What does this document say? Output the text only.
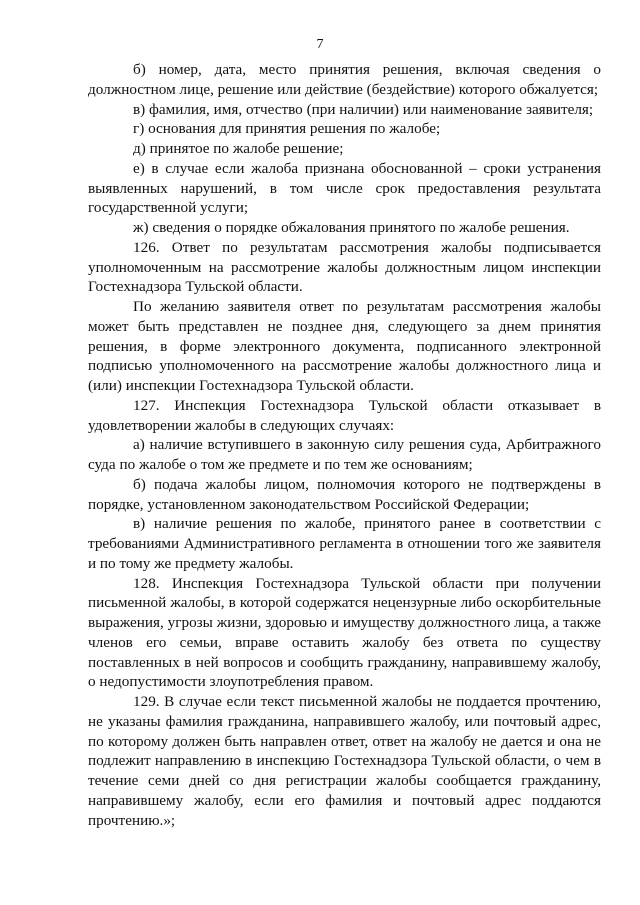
7

б) номер, дата, место принятия решения, включая сведения о должностном лице, решение или действие (бездействие) которого обжалуется;

в) фамилия, имя, отчество (при наличии) или наименование заявителя;

г) основания для принятия решения по жалобе;

д) принятое по жалобе решение;

е) в случае если жалоба признана обоснованной – сроки устранения выявленных нарушений, в том числе срок предоставления результата государственной услуги;

ж) сведения о порядке обжалования принятого по жалобе решения.

126. Ответ по результатам рассмотрения жалобы подписывается уполномоченным на рассмотрение жалобы должностным лицом инспекции Гостехнадзора Тульской области.

По желанию заявителя ответ по результатам рассмотрения жалобы может быть представлен не позднее дня, следующего за днем принятия решения, в форме электронного документа, подписанного электронной подписью уполномоченного на рассмотрение жалобы должностного лица и (или) инспекции Гостехнадзора Тульской области.

127. Инспекция Гостехнадзора Тульской области отказывает в удовлетворении жалобы в следующих случаях:

а) наличие вступившего в законную силу решения суда, Арбитражного суда по жалобе о том же предмете и по тем же основаниям;

б) подача жалобы лицом, полномочия которого не подтверждены в порядке, установленном законодательством Российской Федерации;

в) наличие решения по жалобе, принятого ранее в соответствии с требованиями Административного регламента в отношении того же заявителя и по тому же предмету жалобы.

128. Инспекция Гостехнадзора Тульской области при получении письменной жалобы, в которой содержатся нецензурные либо оскорбительные выражения, угрозы жизни, здоровью и имуществу должностного лица, а также членов его семьи, вправе оставить жалобу без ответа по существу поставленных в ней вопросов и сообщить гражданину, направившему жалобу, о недопустимости злоупотребления правом.

129. В случае если текст письменной жалобы не поддается прочтению, не указаны фамилия гражданина, направившего жалобу, или почтовый адрес, по которому должен быть направлен ответ, ответ на жалобу не дается и она не подлежит направлению в инспекцию Гостехнадзора Тульской области, о чем в течение семи дней со дня регистрации жалобы сообщается гражданину, направившему жалобу, если его фамилия и почтовый адрес поддаются прочтению.»;
